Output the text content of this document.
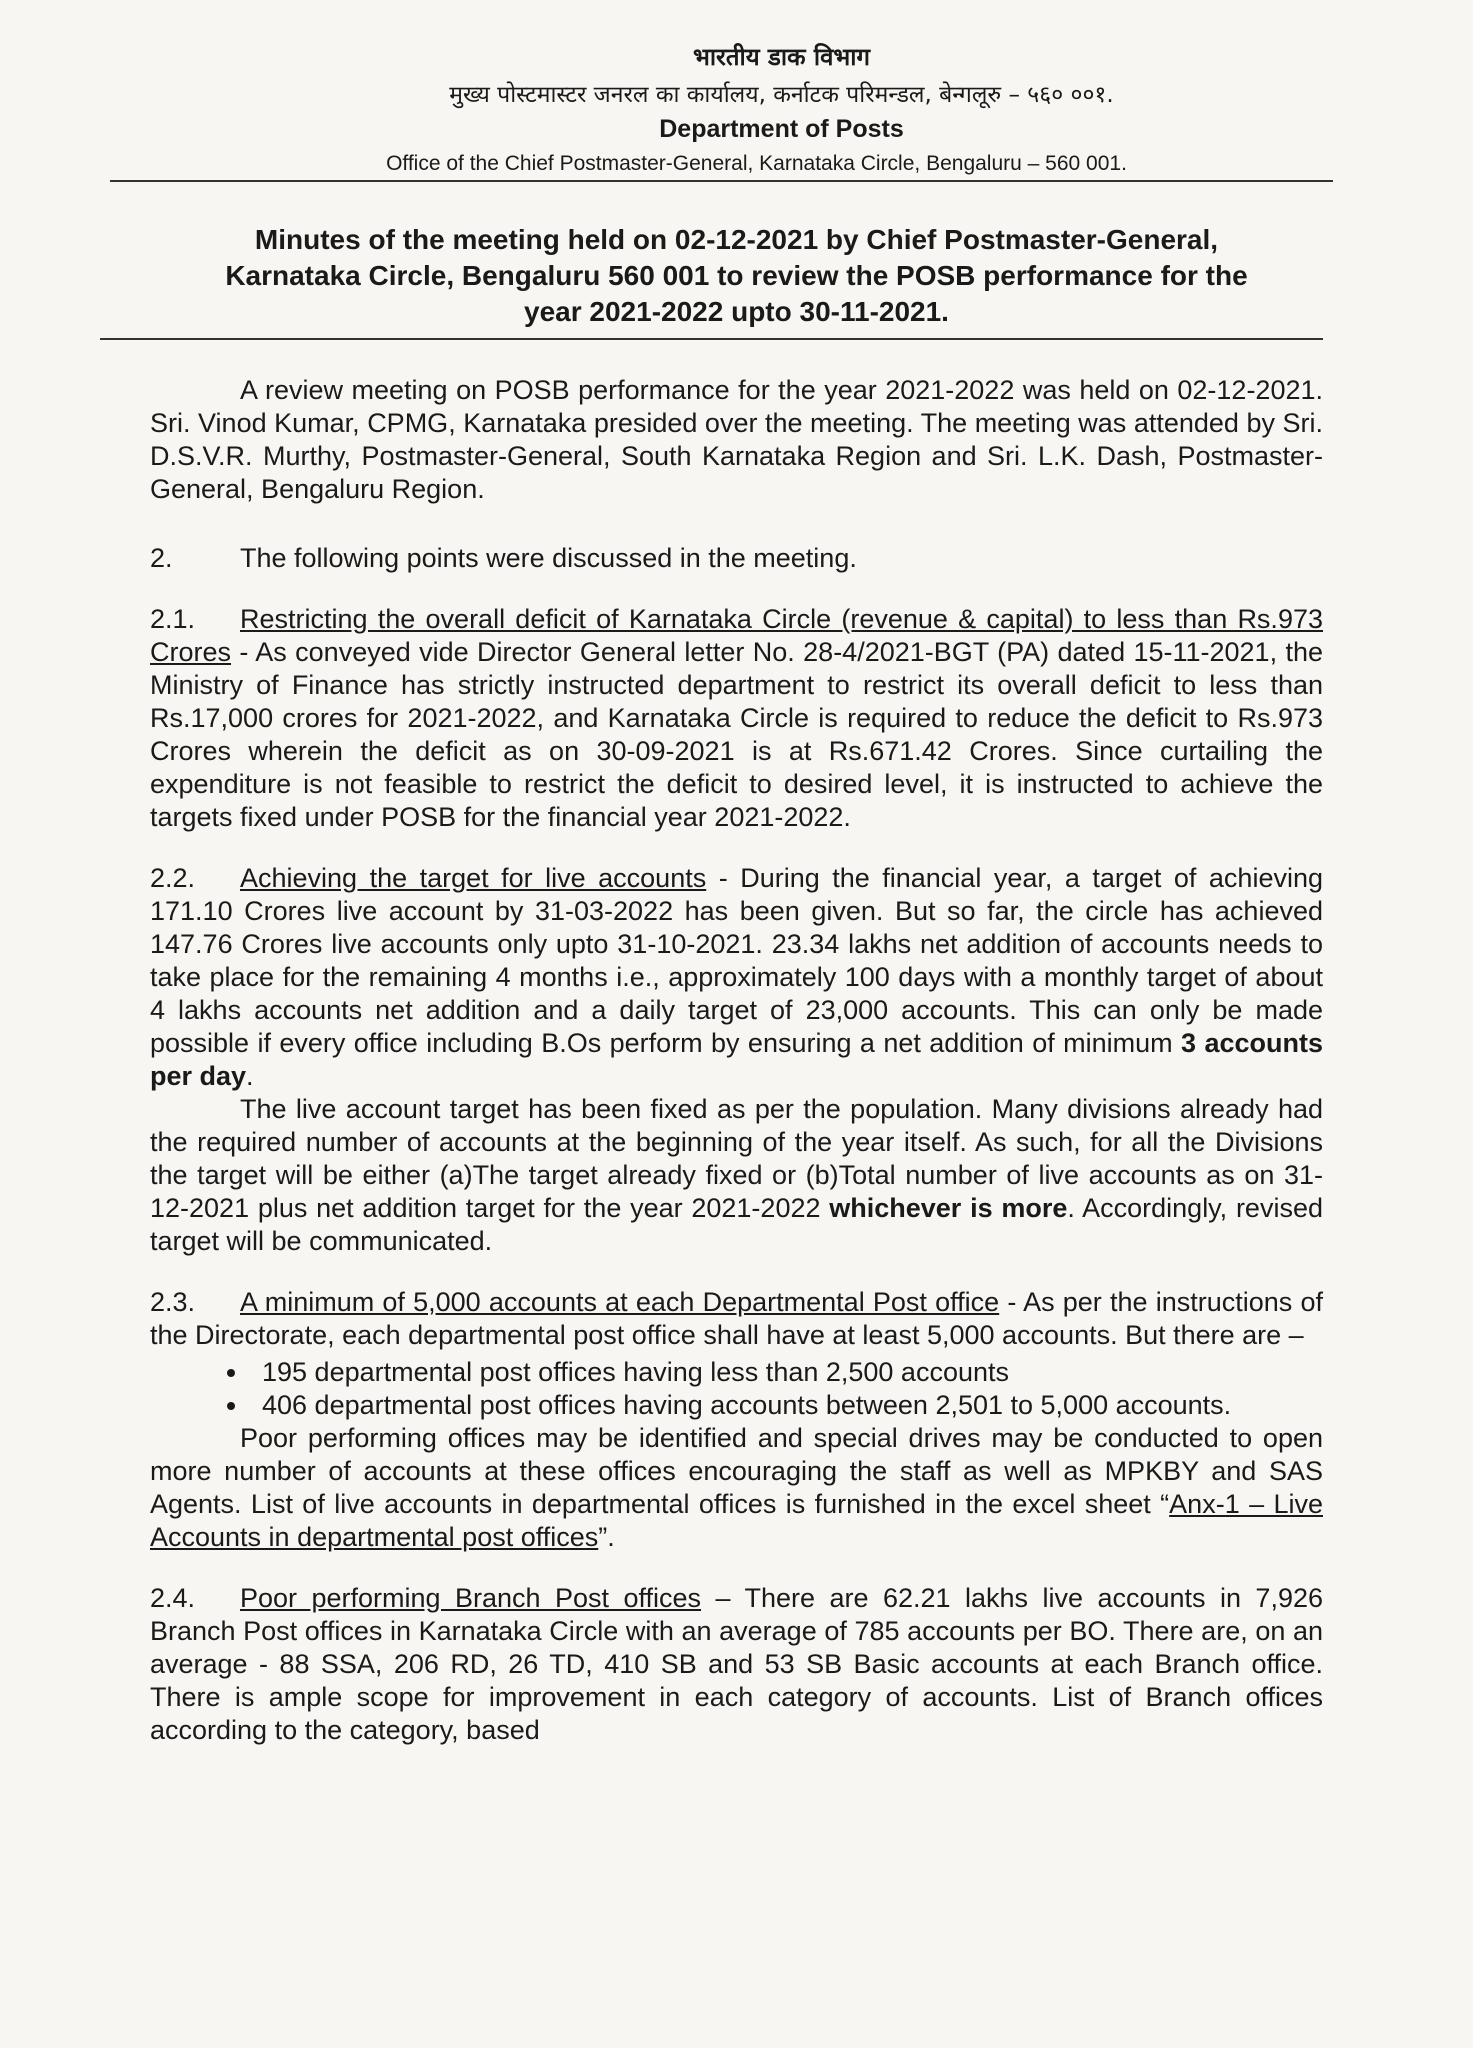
भारतीय डाक विभाग
मुख्य पोस्टमास्टर जनरल का कार्यालय, कर्नाटक परिमन्डल, बेन्गलूरु – ५६० ००१.
Department of Posts
Office of the Chief Postmaster-General, Karnataka Circle, Bengaluru – 560 001.
Minutes of the meeting held on 02-12-2021 by Chief Postmaster-General,
Karnataka Circle, Bengaluru 560 001 to review the POSB performance for the
year 2021-2022 upto 30-11-2021.

A review meeting on POSB performance for the year 2021-2022 was held on 02-12-2021. Sri. Vinod Kumar, CPMG, Karnataka presided over the meeting. The meeting was attended by Sri. D.S.V.R. Murthy, Postmaster-General, South Karnataka Region and Sri. L.K. Dash, Postmaster-General, Bengaluru Region.

2. The following points were discussed in the meeting.

2.1. Restricting the overall deficit of Karnataka Circle (revenue & capital) to less than Rs.973 Crores - As conveyed vide Director General letter No. 28-4/2021-BGT (PA) dated 15-11-2021, the Ministry of Finance has strictly instructed department to restrict its overall deficit to less than Rs.17,000 crores for 2021-2022, and Karnataka Circle is required to reduce the deficit to Rs.973 Crores wherein the deficit as on 30-09-2021 is at Rs.671.42 Crores. Since curtailing the expenditure is not feasible to restrict the deficit to desired level, it is instructed to achieve the targets fixed under POSB for the financial year 2021-2022.

2.2. Achieving the target for live accounts - During the financial year, a target of achieving 171.10 Crores live account by 31-03-2022 has been given. But so far, the circle has achieved 147.76 Crores live accounts only upto 31-10-2021. 23.34 lakhs net addition of accounts needs to take place for the remaining 4 months i.e., approximately 100 days with a monthly target of about 4 lakhs accounts net addition and a daily target of 23,000 accounts. This can only be made possible if every office including B.Os perform by ensuring a net addition of minimum 3 accounts per day.

The live account target has been fixed as per the population. Many divisions already had the required number of accounts at the beginning of the year itself. As such, for all the Divisions the target will be either (a)The target already fixed or (b)Total number of live accounts as on 31-12-2021 plus net addition target for the year 2021-2022 whichever is more. Accordingly, revised target will be communicated.

2.3. A minimum of 5,000 accounts at each Departmental Post office - As per the instructions of the Directorate, each departmental post office shall have at least 5,000 accounts. But there are –

• 195 departmental post offices having less than 2,500 accounts
• 406 departmental post offices having accounts between 2,501 to 5,000 accounts.

Poor performing offices may be identified and special drives may be conducted to open more number of accounts at these offices encouraging the staff as well as MPKBY and SAS Agents. List of live accounts in departmental offices is furnished in the excel sheet “Anx-1 – Live Accounts in departmental post offices”.

2.4. Poor performing Branch Post offices – There are 62.21 lakhs live accounts in 7,926 Branch Post offices in Karnataka Circle with an average of 785 accounts per BO. There are, on an average - 88 SSA, 206 RD, 26 TD, 410 SB and 53 SB Basic accounts at each Branch office. There is ample scope for improvement in each category of accounts. List of Branch offices according to the category, based
